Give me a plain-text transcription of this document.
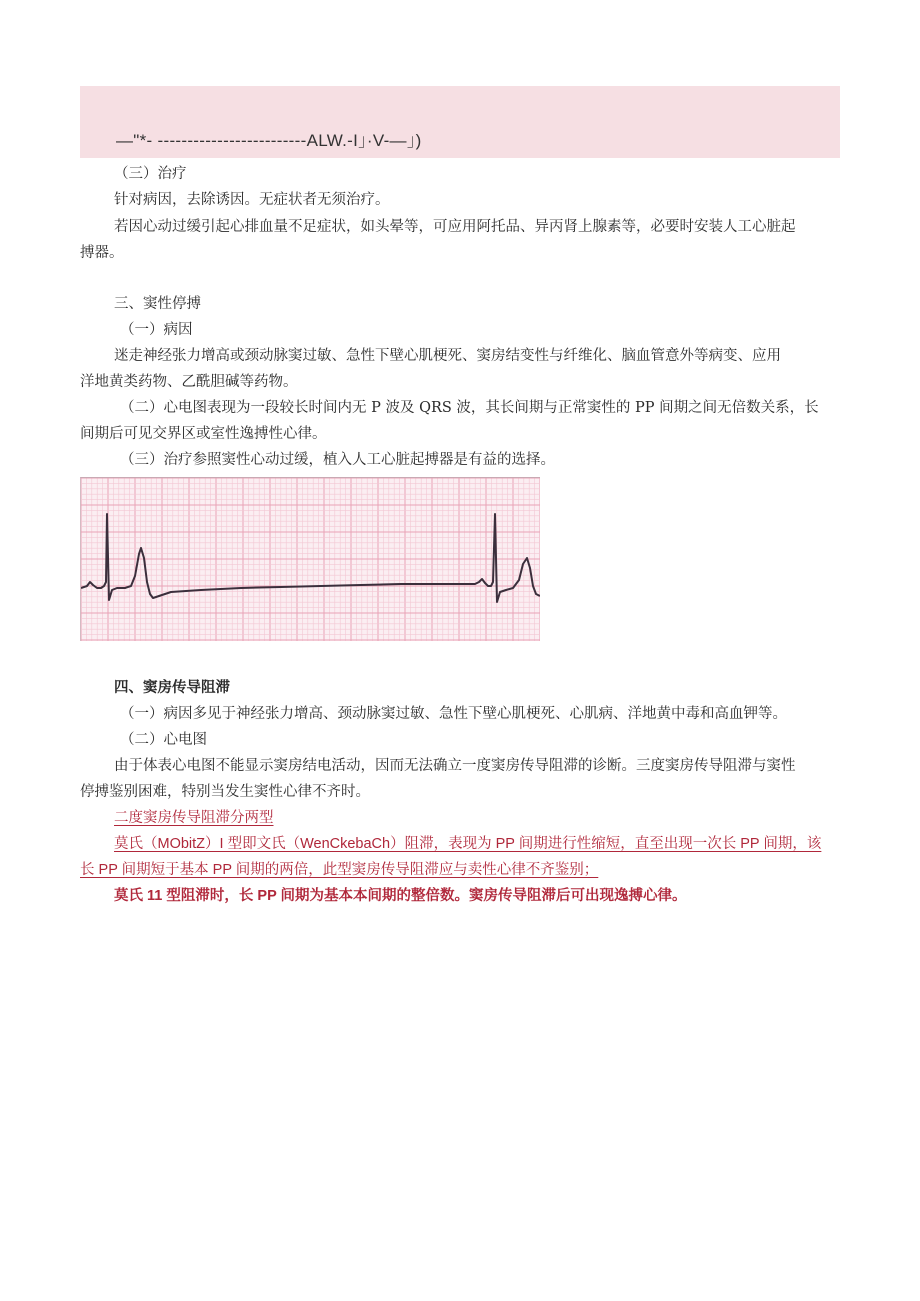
—"*- -------------------------ALW.-I」·V-—」)
（三）治疗
针对病因，去除诱因。无症状者无须治疗。
若因心动过缓引起心排血量不足症状，如头晕等，可应用阿托品、异丙肾上腺素等，必要时安装人工心脏起
搏器。
三、窦性停搏
（一）病因
迷走神经张力增高或颈动脉窦过敏、急性下壁心肌梗死、窦房结变性与纤维化、脑血管意外等病变、应用
洋地黄类药物、乙酰胆碱等药物。
（二）心电图表现为一段较长时间内无 P 波及 QRS 波，其长间期与正常窦性的 PP 间期之间无倍数关系，长
间期后可见交界区或室性逸搏性心律。
（三）治疗参照窦性心动过缓，植入人工心脏起搏器是有益的选择。
四、窦房传导阻滞
（一）病因多见于神经张力增高、颈动脉窦过敏、急性下壁心肌梗死、心肌病、洋地黄中毒和高血钾等。
（二）心电图
由于体表心电图不能显示窦房结电活动，因而无法确立一度窦房传导阻滞的诊断。三度窦房传导阻滞与窦性
停搏鉴别困难，特别当发生窦性心律不齐时。
二度窦房传导阻滞分两型
莫氏（MObitZ）I 型即文氏（WenCkebaCh）阻滞，表现为 PP 间期进行性缩短，直至出现一次长 PP 间期，该
长 PP 间期短于基本 PP 间期的两倍，此型窦房传导阻滞应与卖性心律不齐鉴别；
莫氏 11 型阻滞时，长 PP 间期为基本本间期的整倍数。窦房传导阻滞后可出现逸搏心律。
